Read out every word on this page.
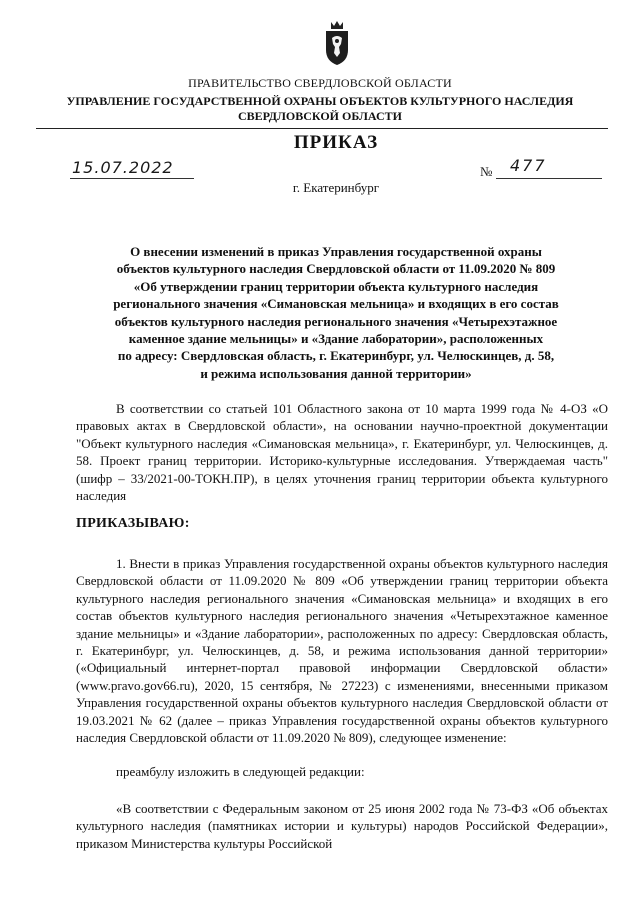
ПРАВИТЕЛЬСТВО СВЕРДЛОВСКОЙ ОБЛАСТИ
УПРАВЛЕНИЕ ГОСУДАРСТВЕННОЙ ОХРАНЫ ОБЪЕКТОВ КУЛЬТУРНОГО НАСЛЕДИЯ
СВЕРДЛОВСКОЙ ОБЛАСТИ
ПРИКАЗ
15.07.2022	№ 477
г. Екатеринбург
О внесении изменений в приказ Управления государственной охраны
объектов культурного наследия Свердловской области от 11.09.2020 № 809
«Об утверждении границ территории объекта культурного наследия
регионального значения «Симановская мельница» и входящих в его состав
объектов культурного наследия регионального значения «Четырехэтажное
каменное здание мельницы» и «Здание лаборатории», расположенных
по адресу: Свердловская область, г. Екатеринбург, ул. Челюскинцев, д. 58,
и режима использования данной территории»
В соответствии со статьей 101 Областного закона от 10 марта 1999 года № 4-ОЗ «О правовых актах в Свердловской области», на основании научно-проектной документации "Объект культурного наследия «Симановская мельница», г. Екатеринбург, ул. Челюскинцев, д. 58. Проект границ территории. Историко-культурные исследования. Утверждаемая часть" (шифр – 33/2021-00-ТОКН.ПР), в целях уточнения границ территории объекта культурного наследия
ПРИКАЗЫВАЮ:
1. Внести в приказ Управления государственной охраны объектов культурного наследия Свердловской области от 11.09.2020 № 809 «Об утверждении границ территории объекта культурного наследия регионального значения «Симановская мельница» и входящих в его состав объектов культурного наследия регионального значения «Четырехэтажное каменное здание мельницы» и «Здание лаборатории», расположенных по адресу: Свердловская область, г. Екатеринбург, ул. Челюскинцев, д. 58, и режима использования данной территории» («Официальный интернет-портал правовой информации Свердловской области» (www.pravo.gov66.ru), 2020, 15 сентября, № 27223) с изменениями, внесенными приказом Управления государственной охраны объектов культурного наследия Свердловской области от 19.03.2021 № 62 (далее – приказ Управления государственной охраны объектов культурного наследия Свердловской области от 11.09.2020 № 809), следующее изменение:
преамбулу изложить в следующей редакции:
«В соответствии с Федеральным законом от 25 июня 2002 года № 73-ФЗ «Об объектах культурного наследия (памятниках истории и культуры) народов Российской Федерации», приказом Министерства культуры Российской
